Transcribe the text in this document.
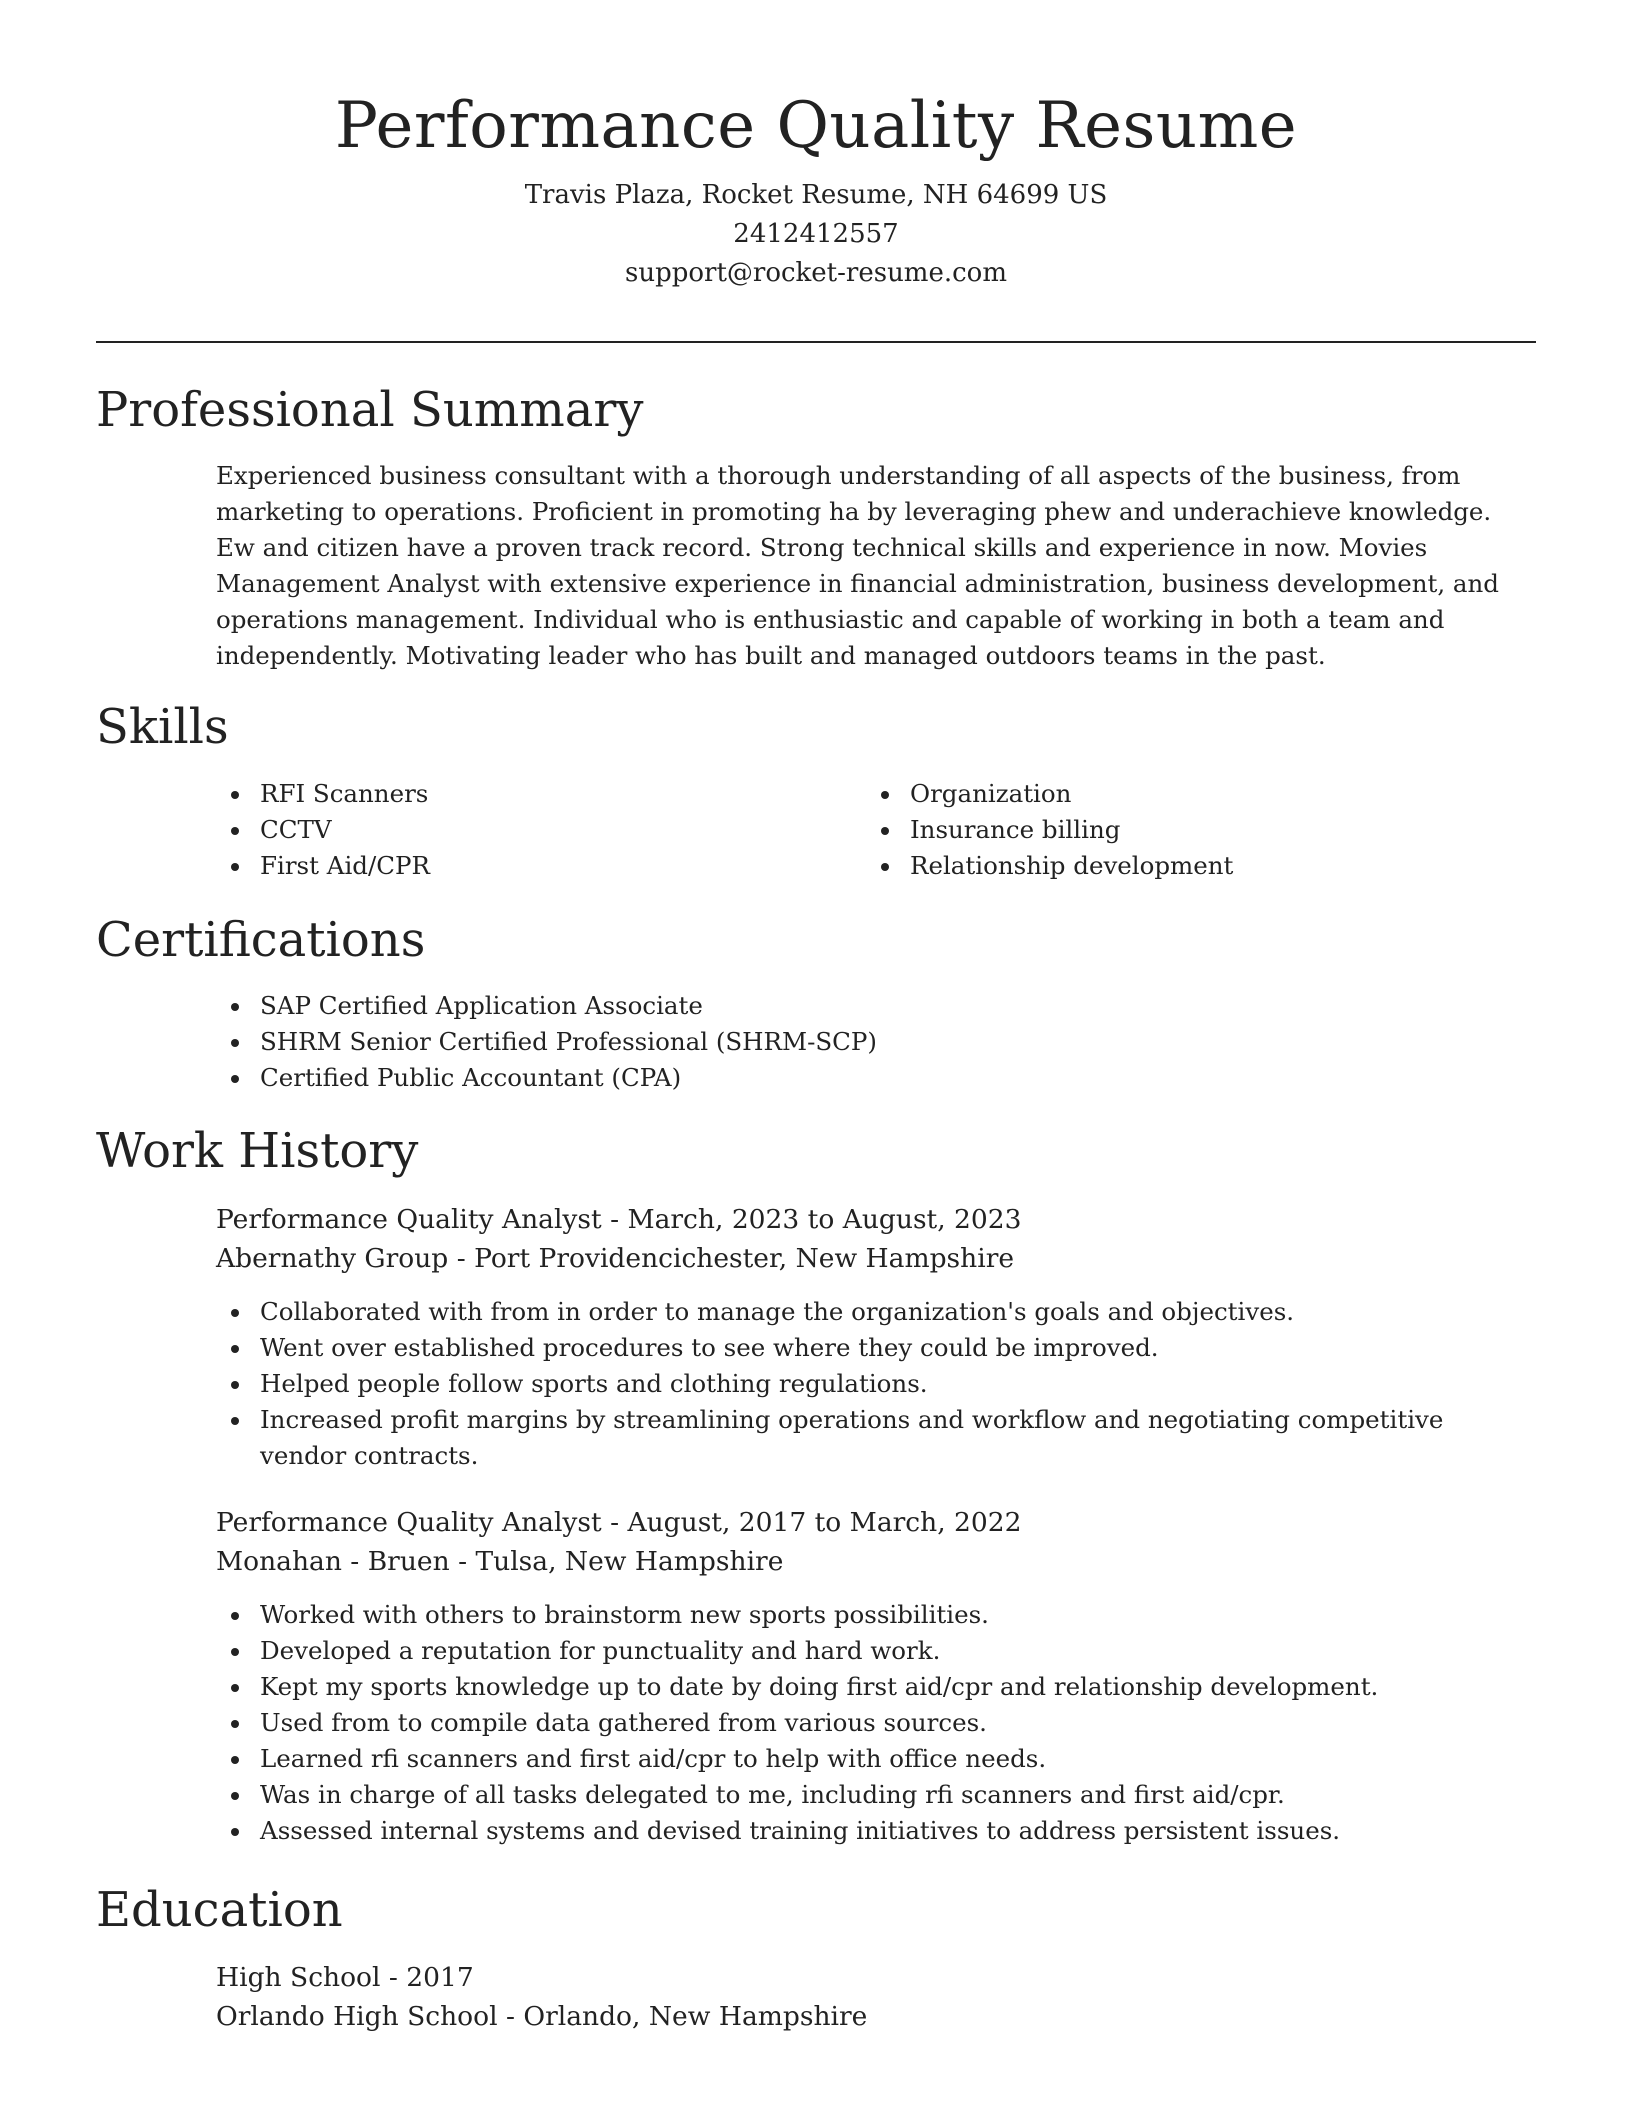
Performance Quality Resume
Travis Plaza, Rocket Resume, NH 64699 US
2412412557
support@rocket-resume.com
Professional Summary

Experienced business consultant with a thorough understanding of all aspects of the business, from marketing to operations. Proficient in promoting ha by leveraging phew and underachieve knowledge. Ew and citizen have a proven track record. Strong technical skills and experience in now. Movies Management Analyst with extensive experience in financial administration, business development, and operations management. Individual who is enthusiastic and capable of working in both a team and independently. Motivating leader who has built and managed outdoors teams in the past.

Skills
RFI Scanners
CCTV
First Aid/CPR
Organization
Insurance billing
Relationship development
Certifications
SAP Certified Application Associate
SHRM Senior Certified Professional (SHRM-SCP)
Certified Public Accountant (CPA)
Work History
Performance Quality Analyst - March, 2023 to August, 2023
Abernathy Group - Port Providencichester, New Hampshire
Collaborated with from in order to manage the organization's goals and objectives.
Went over established procedures to see where they could be improved.
Helped people follow sports and clothing regulations.
Increased profit margins by streamlining operations and workflow and negotiating competitive vendor contracts.
Performance Quality Analyst - August, 2017 to March, 2022
Monahan - Bruen - Tulsa, New Hampshire
Worked with others to brainstorm new sports possibilities.
Developed a reputation for punctuality and hard work.
Kept my sports knowledge up to date by doing first aid/cpr and relationship development.
Used from to compile data gathered from various sources.
Learned rfi scanners and first aid/cpr to help with office needs.
Was in charge of all tasks delegated to me, including rfi scanners and first aid/cpr.
Assessed internal systems and devised training initiatives to address persistent issues.
Education
High School - 2017
Orlando High School - Orlando, New Hampshire
